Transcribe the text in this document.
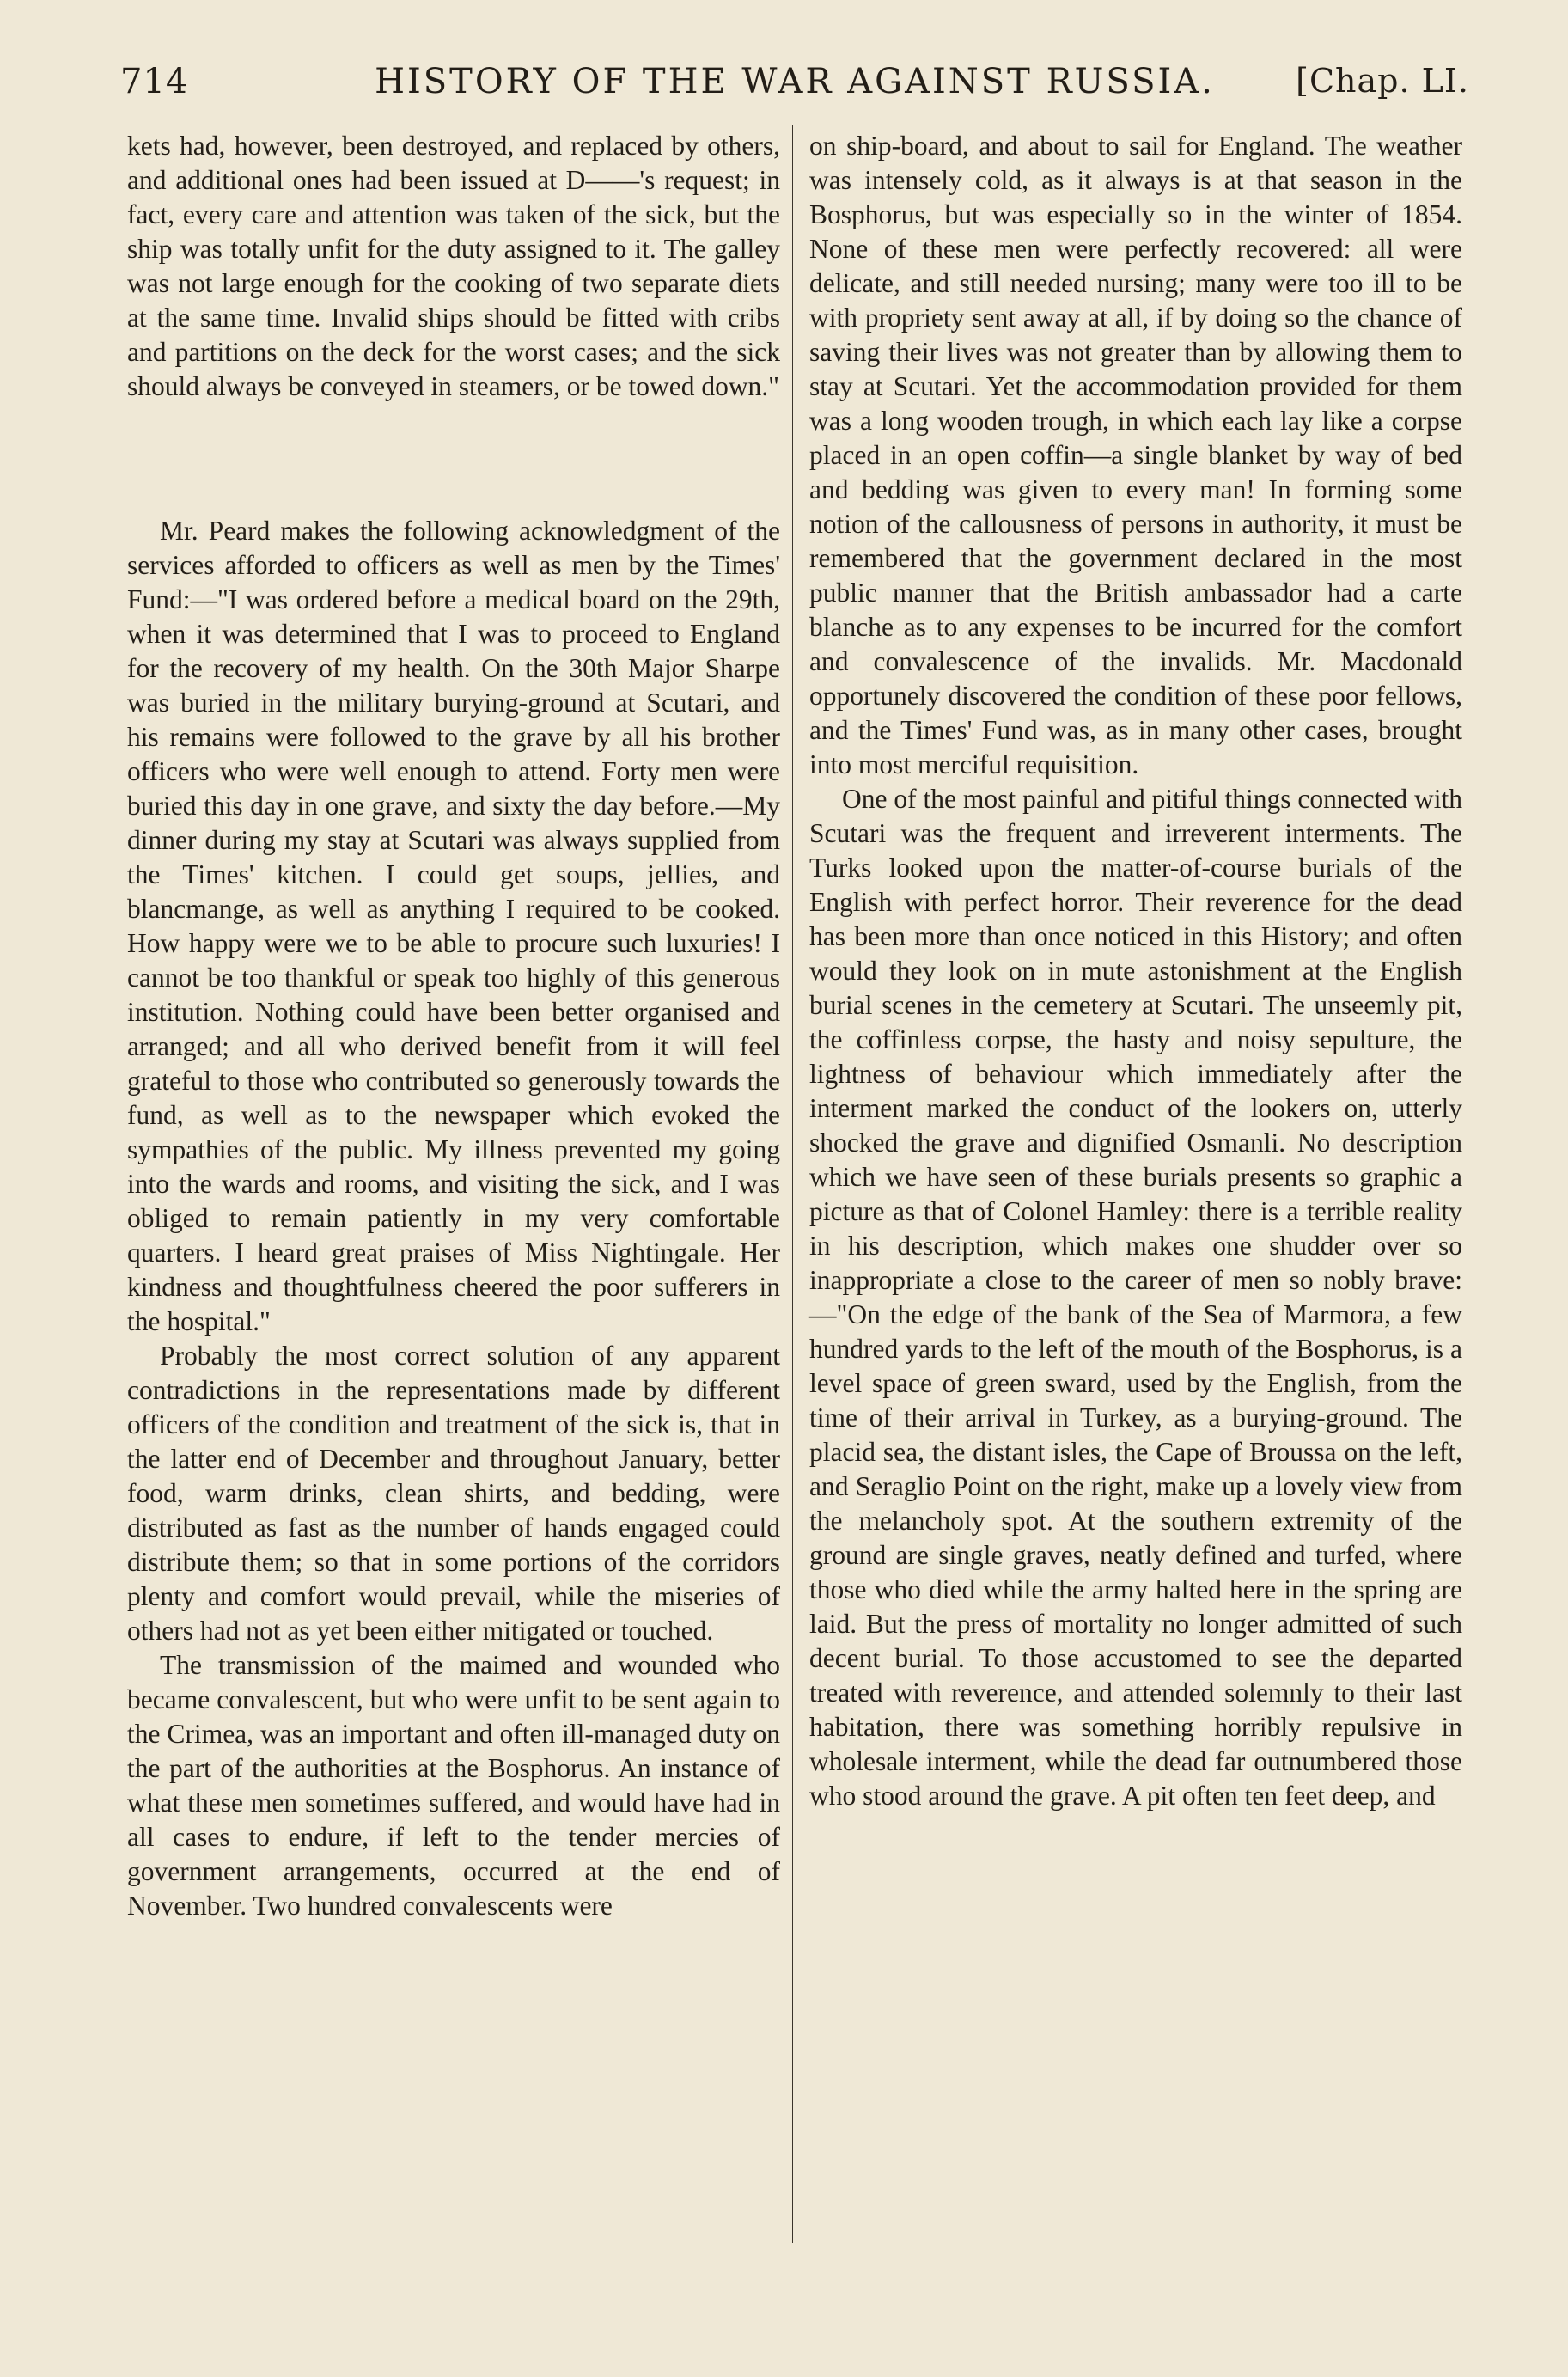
714	HISTORY OF THE WAR AGAINST RUSSIA.	[Chap. LI.

kets had, however, been destroyed, and replaced by others, and additional ones had been issued at D——'s request; in fact, every care and attention was taken of the sick, but the ship was totally unfit for the duty assigned to it. The galley was not large enough for the cooking of two separate diets at the same time. Invalid ships should be fitted with cribs and partitions on the deck for the worst cases; and the sick should always be conveyed in steamers, or be towed down."

Mr. Peard makes the following acknowledgment of the services afforded to officers as well as men by the Times' Fund:—"I was ordered before a medical board on the 29th, when it was determined that I was to proceed to England for the recovery of my health. On the 30th Major Sharpe was buried in the military burying-ground at Scutari, and his remains were followed to the grave by all his brother officers who were well enough to attend. Forty men were buried this day in one grave, and sixty the day before.—My dinner during my stay at Scutari was always supplied from the Times' kitchen. I could get soups, jellies, and blancmange, as well as anything I required to be cooked. How happy were we to be able to procure such luxuries! I cannot be too thankful or speak too highly of this generous institution. Nothing could have been better organised and arranged; and all who derived benefit from it will feel grateful to those who contributed so generously towards the fund, as well as to the newspaper which evoked the sympathies of the public. My illness prevented my going into the wards and rooms, and visiting the sick, and I was obliged to remain patiently in my very comfortable quarters. I heard great praises of Miss Nightingale. Her kindness and thoughtfulness cheered the poor sufferers in the hospital."

Probably the most correct solution of any apparent contradictions in the representations made by different officers of the condition and treatment of the sick is, that in the latter end of December and throughout January, better food, warm drinks, clean shirts, and bedding, were distributed as fast as the number of hands engaged could distribute them; so that in some portions of the corridors plenty and comfort would prevail, while the miseries of others had not as yet been either mitigated or touched.

The transmission of the maimed and wounded who became convalescent, but who were unfit to be sent again to the Crimea, was an important and often ill-managed duty on the part of the authorities at the Bosphorus. An instance of what these men sometimes suffered, and would have had in all cases to endure, if left to the tender mercies of government arrangements, occurred at the end of November. Two hundred convalescents were

on ship-board, and about to sail for England. The weather was intensely cold, as it always is at that season in the Bosphorus, but was especially so in the winter of 1854. None of these men were perfectly recovered: all were delicate, and still needed nursing; many were too ill to be with propriety sent away at all, if by doing so the chance of saving their lives was not greater than by allowing them to stay at Scutari. Yet the accommodation provided for them was a long wooden trough, in which each lay like a corpse placed in an open coffin—a single blanket by way of bed and bedding was given to every man! In forming some notion of the callousness of persons in authority, it must be remembered that the government declared in the most public manner that the British ambassador had a carte blanche as to any expenses to be incurred for the comfort and convalescence of the invalids. Mr. Macdonald opportunely discovered the condition of these poor fellows, and the Times' Fund was, as in many other cases, brought into most merciful requisition.

One of the most painful and pitiful things connected with Scutari was the frequent and irreverent interments. The Turks looked upon the matter-of-course burials of the English with perfect horror. Their reverence for the dead has been more than once noticed in this History; and often would they look on in mute astonishment at the English burial scenes in the cemetery at Scutari. The unseemly pit, the coffinless corpse, the hasty and noisy sepulture, the lightness of behaviour which immediately after the interment marked the conduct of the lookers on, utterly shocked the grave and dignified Osmanli. No description which we have seen of these burials presents so graphic a picture as that of Colonel Hamley: there is a terrible reality in his description, which makes one shudder over so inappropriate a close to the career of men so nobly brave:—"On the edge of the bank of the Sea of Marmora, a few hundred yards to the left of the mouth of the Bosphorus, is a level space of green sward, used by the English, from the time of their arrival in Turkey, as a burying-ground. The placid sea, the distant isles, the Cape of Broussa on the left, and Seraglio Point on the right, make up a lovely view from the melancholy spot. At the southern extremity of the ground are single graves, neatly defined and turfed, where those who died while the army halted here in the spring are laid. But the press of mortality no longer admitted of such decent burial. To those accustomed to see the departed treated with reverence, and attended solemnly to their last habitation, there was something horribly repulsive in wholesale interment, while the dead far outnumbered those who stood around the grave. A pit often ten feet deep, and
